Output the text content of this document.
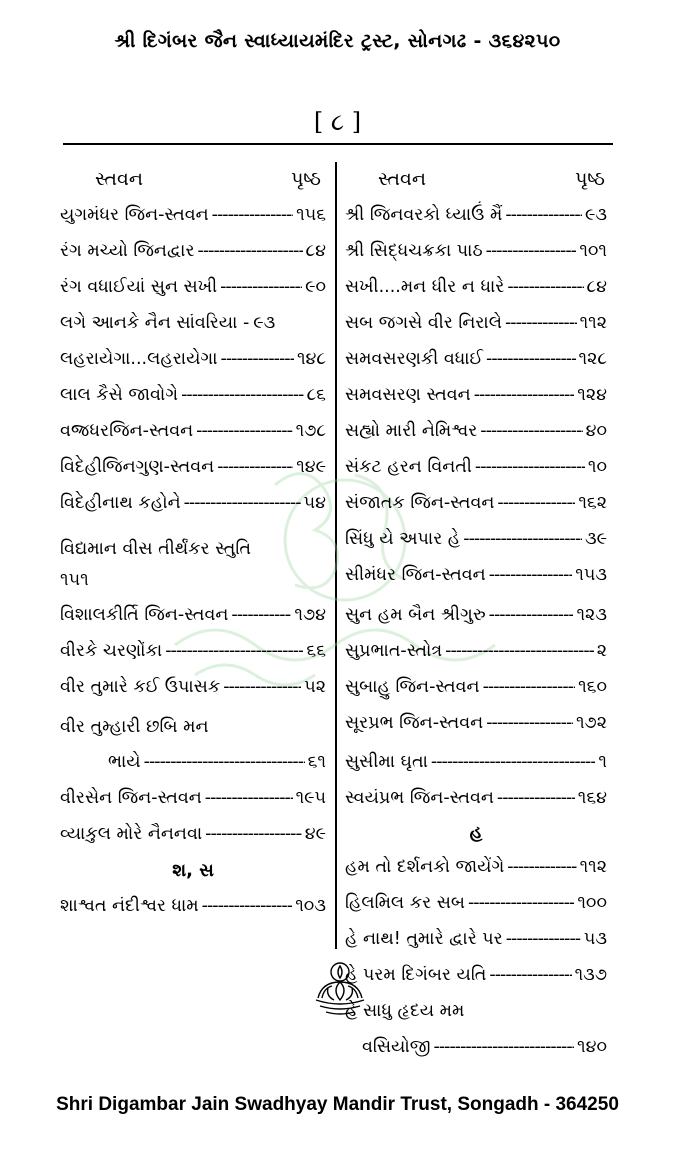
શ્રી દિગંબર જૈન સ્વાધ્યાયમંદિર ટ્રસ્ટ, સોનગઢ - ૩૬૪૨૫૦
[ ૮ ]
સ્તવન	પૃષ્ઠ	સ્તવન	પૃષ્ઠ
યુગમંધર જિન-સ્તવન -----	૧૫૬
રંગ મચ્યો જિનદ્વાર -----	૮૪
રંગ વધાઈયાં સુન સખી -----	૯૦
લગે આનકે નૈન સાંવરિયા - ૯૩
લહરાયેગા...લહરાયેગા -----	૧૪૮
લાલ કૈસે જાવોગે -----	૮૬
વજ્રધરજિન-સ્તવન -----	૧૭૮
વિદેહીજિનગુણ-સ્તવન -----	૧૪૯
વિદેહીનાથ કહોને -----	૫૪
વિદ્યમાન વીસ તીર્થંકર સ્તુતિ
૧૫૧
વિશાલકીર્તિ જિન-સ્તવન -----	૧૭૪
વીરકે ચરણોંકા -----	૬૬
વીર તુમારે કઈ ઉપાસક -----	૫૨
વીર તુમ્હારી છબિ મન
ભાયે -----	૬૧
વીરસેન જિન-સ્તવન -----	૧૯૫
વ્યાકુલ મોરે નૈનનવા -----	૪૯
શ, સ
શાશ્વત નંદીશ્વર ધામ -----	૧૦૩
શ્રી જિનવરકો ધ્યાઉં મૈં -----	૯૩
શ્રી સિદ્ધચક્રકા પાઠ -----	૧૦૧
સખી....મન ધીર ન ધારે -----	૮૪
સબ જગસે વીર નિરાલે -----	૧૧૨
સમવસરણકી વધાઈ -----	૧૨૮
સમવસરણ સ્તવન -----	૧૨૪
સહ્યો મારી નેમિશ્વર -----	૪૦
સંકટ હરન વિનતી -----	૧૦
સંજાતક જિન-સ્તવન -----	૧૬૨
સિંધુ યે અપાર હે -----	૩૯
સીમંધર જિન-સ્તવન -----	૧૫૩
સુન હમ બૈન શ્રીગુરુ -----	૧૨૩
સુપ્રભાત-સ્તોત્ર -----	૨
સુબાહુ જિન-સ્તવન -----	૧૬૦
સૂરપ્રભ જિન-સ્તવન -----	૧૭૨
સુસીમા ઘૃતા -----	૧
સ્વયંપ્રભ જિન-સ્તવન -----	૧૬૪
હ
હમ તો દર્શનકો જાયેંગે -----	૧૧૨
હિલમિલ કર સબ -----	૧૦૦
હે નાથ! તુમારે દ્વારે પર -----	૫૩
હે પરમ દિગંબર યતિ -----	૧૩૭
હે સાધુ હૃદય મમ
વસિયોજી -----	૧૪૦
Shri Digambar Jain Swadhyay Mandir Trust, Songadh - 364250
